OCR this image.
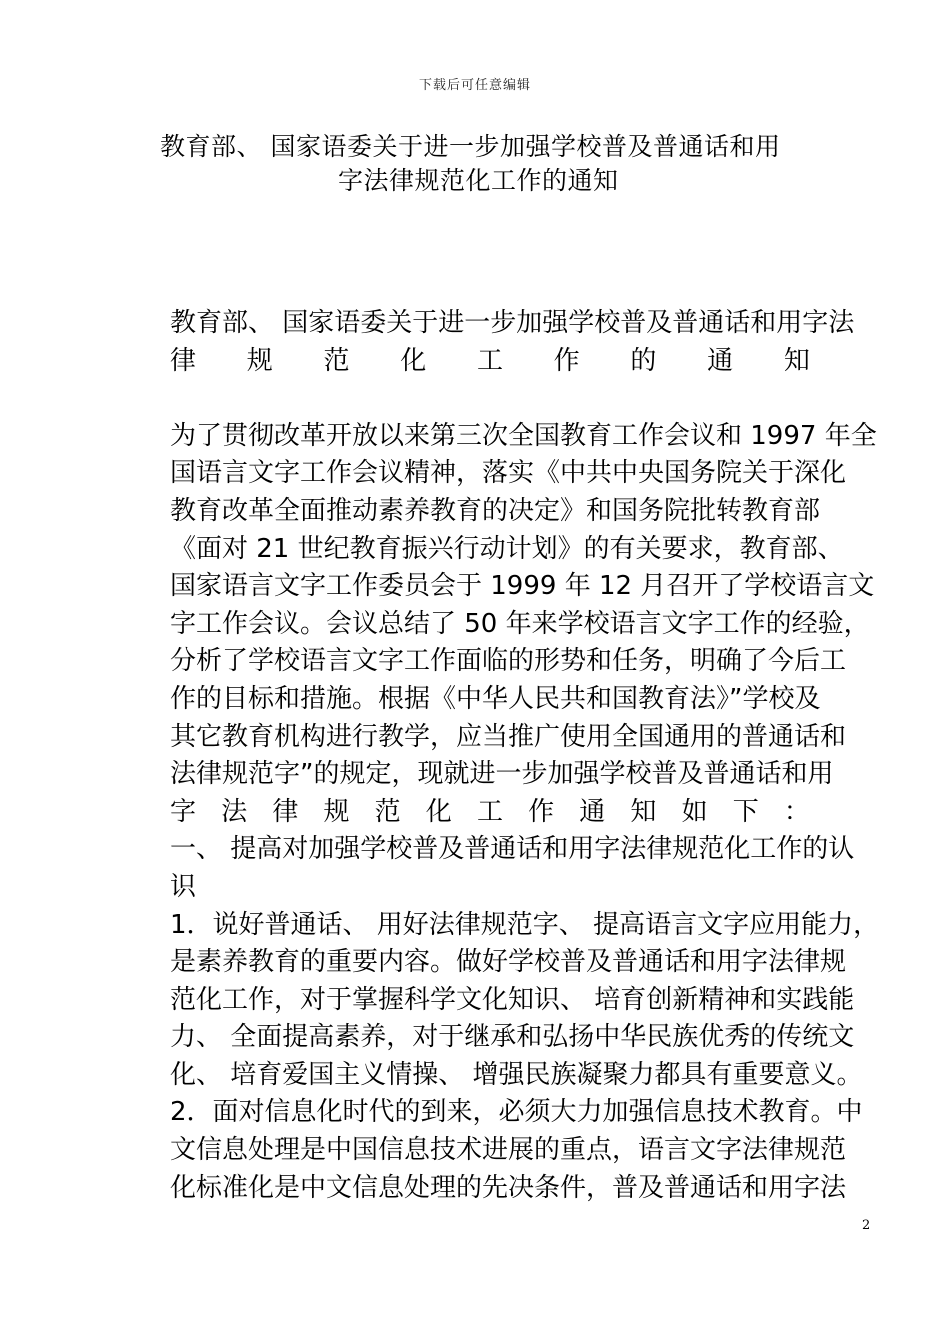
下载后可任意编辑
教育部、 国家语委关于进一步加强学校普及普通话和用
字法律规范化工作的通知
教育部、 国家语委关于进一步加强学校普及普通话和用字法
律 规 范 化 工 作 的 通 知
为了贯彻改革开放以来第三次全国教育工作会议和 1997 年全
国语言文字工作会议精神，落实《中共中央国务院关于深化
教育改革全面推动素养教育的决定》和国务院批转教育部
《面对 21 世纪教育振兴行动计划》的有关要求，教育部、
国家语言文字工作委员会于 1999 年 12 月召开了学校语言文
字工作会议。会议总结了 50 年来学校语言文字工作的经验，
分析了学校语言文字工作面临的形势和任务，明确了今后工
作的目标和措施。根据《中华人民共和国教育法》”学校及
其它教育机构进行教学，应当推广使用全国通用的普通话和
法律规范字”的规定，现就进一步加强学校普及普通话和用
字 法 律 规 范 化 工 作 通 知 如 下 ：
一、 提高对加强学校普及普通话和用字法律规范化工作的认
识
1．说好普通话、 用好法律规范字、 提高语言文字应用能力，
是素养教育的重要内容。做好学校普及普通话和用字法律规
范化工作，对于掌握科学文化知识、 培育创新精神和实践能
力、 全面提高素养，对于继承和弘扬中华民族优秀的传统文
化、 培育爱国主义情操、 增强民族凝聚力都具有重要意义。
2．面对信息化时代的到来，必须大力加强信息技术教育。中
文信息处理是中国信息技术进展的重点，语言文字法律规范
化标准化是中文信息处理的先决条件，普及普通话和用字法
2
